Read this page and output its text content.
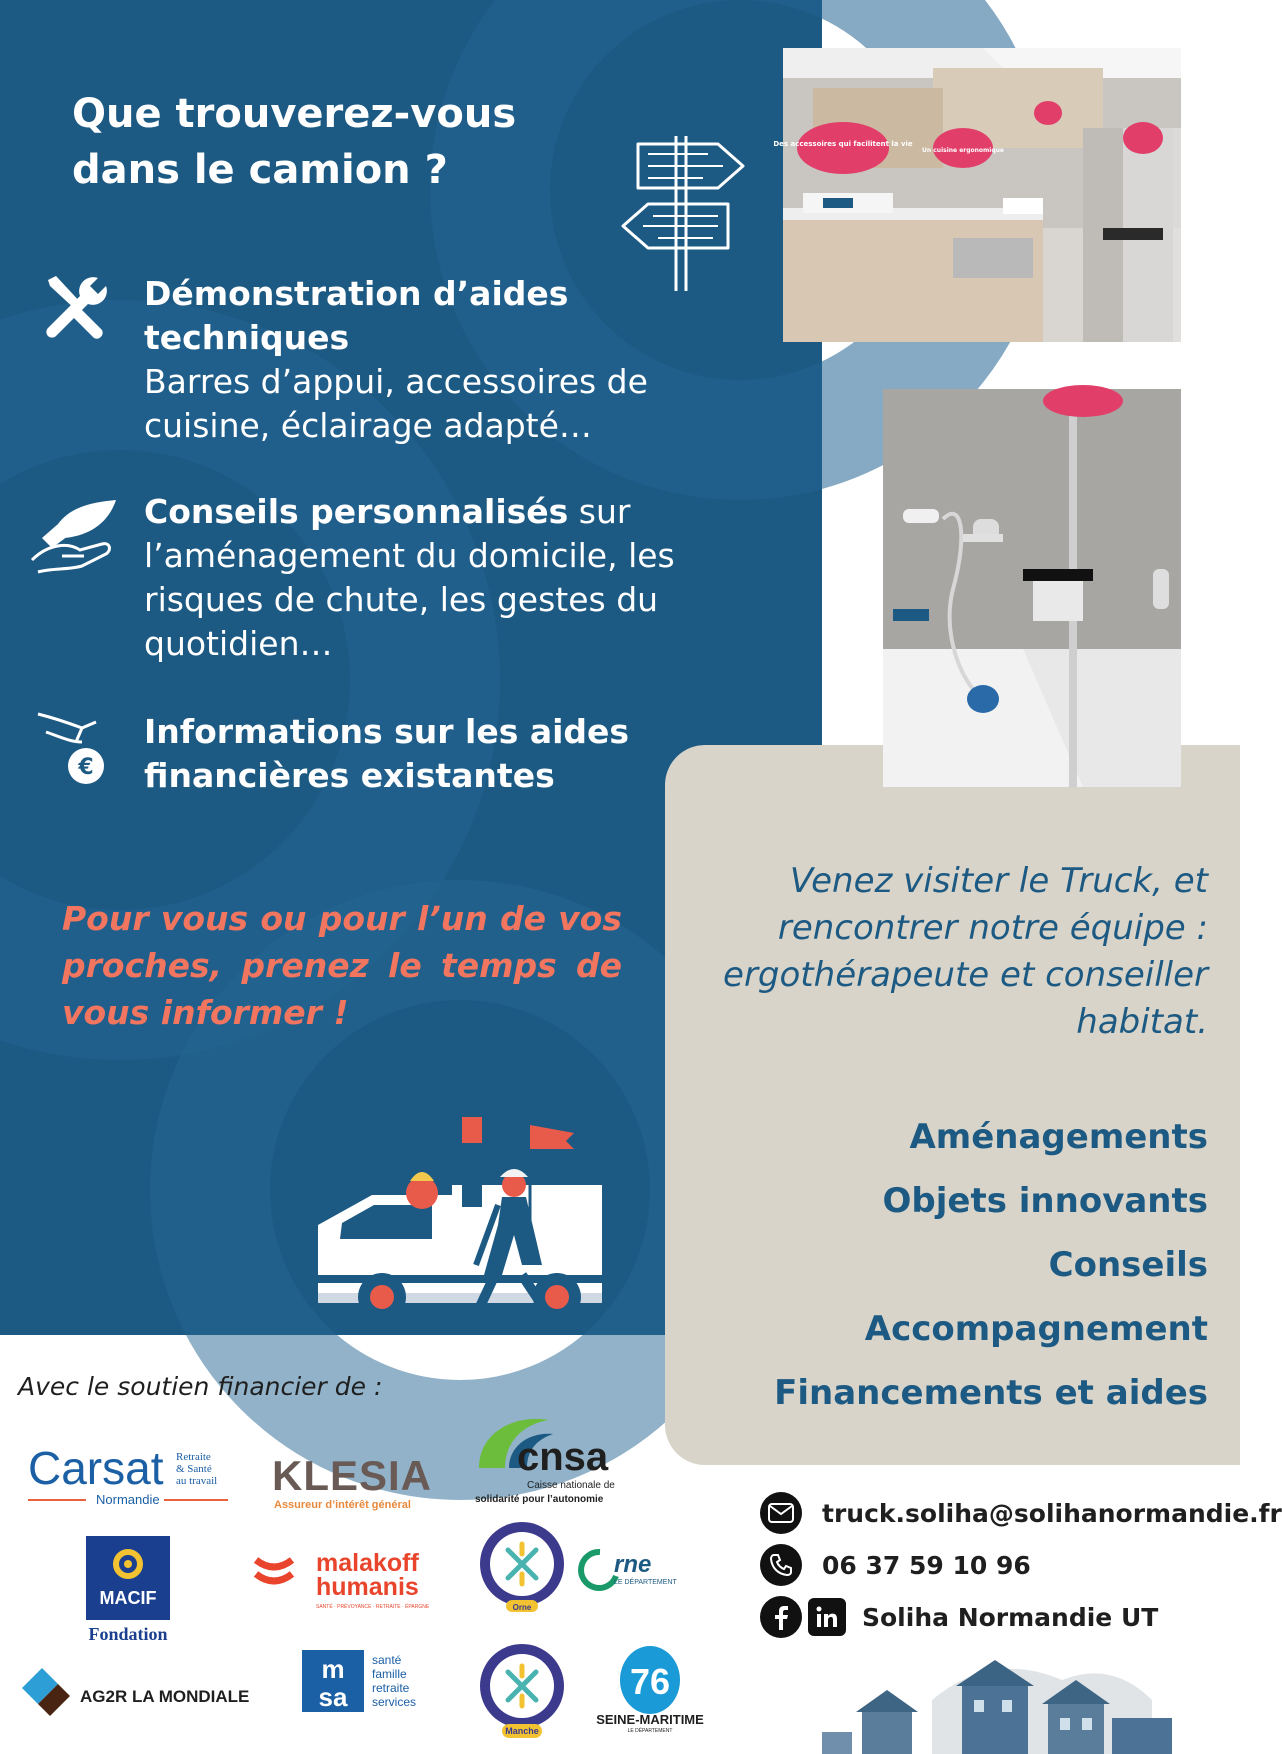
Que trouverez-vous dans le camion ?
Démonstration d’aides techniques
Barres d’appui, accessoires de cuisine, éclairage adapté…
Conseils personnalisés sur l’aménagement du domicile, les risques de chute, les gestes du quotidien…
€
Informations sur les aides financières existantes
Pour vous ou pour l’un de vos proches, prenez le temps de vous informer !
Des accessoires qui facilitent la vie
Un cuisine ergonomique
Venez visiter le Truck, et rencontrer notre équipe : ergothérapeute et conseiller habitat.
Aménagements
Objets innovants
Conseils
Accompagnement
Financements et aides
Avec le soutien financier de :
Carsat Retraite
& Santé
au travail
Normandie
KLESIA
Assureur d’intérêt général
cnsa
Caisse nationale de
solidarité pour l’autonomie
MACIF
Fondation
malakoff
humanis
SANTÉ · PRÉVOYANCE · RETRAITE · ÉPARGNE	Orne
rne
LE DÉPARTEMENT
AG2R LA MONDIALE
m
sa
santé
famille
retraite
services
Manche
76
SEINE-MARITIME
LE DÉPARTEMENT
truck.soliha@solihanormandie.fr
06 37 59 10 96
Soliha Normandie UT
